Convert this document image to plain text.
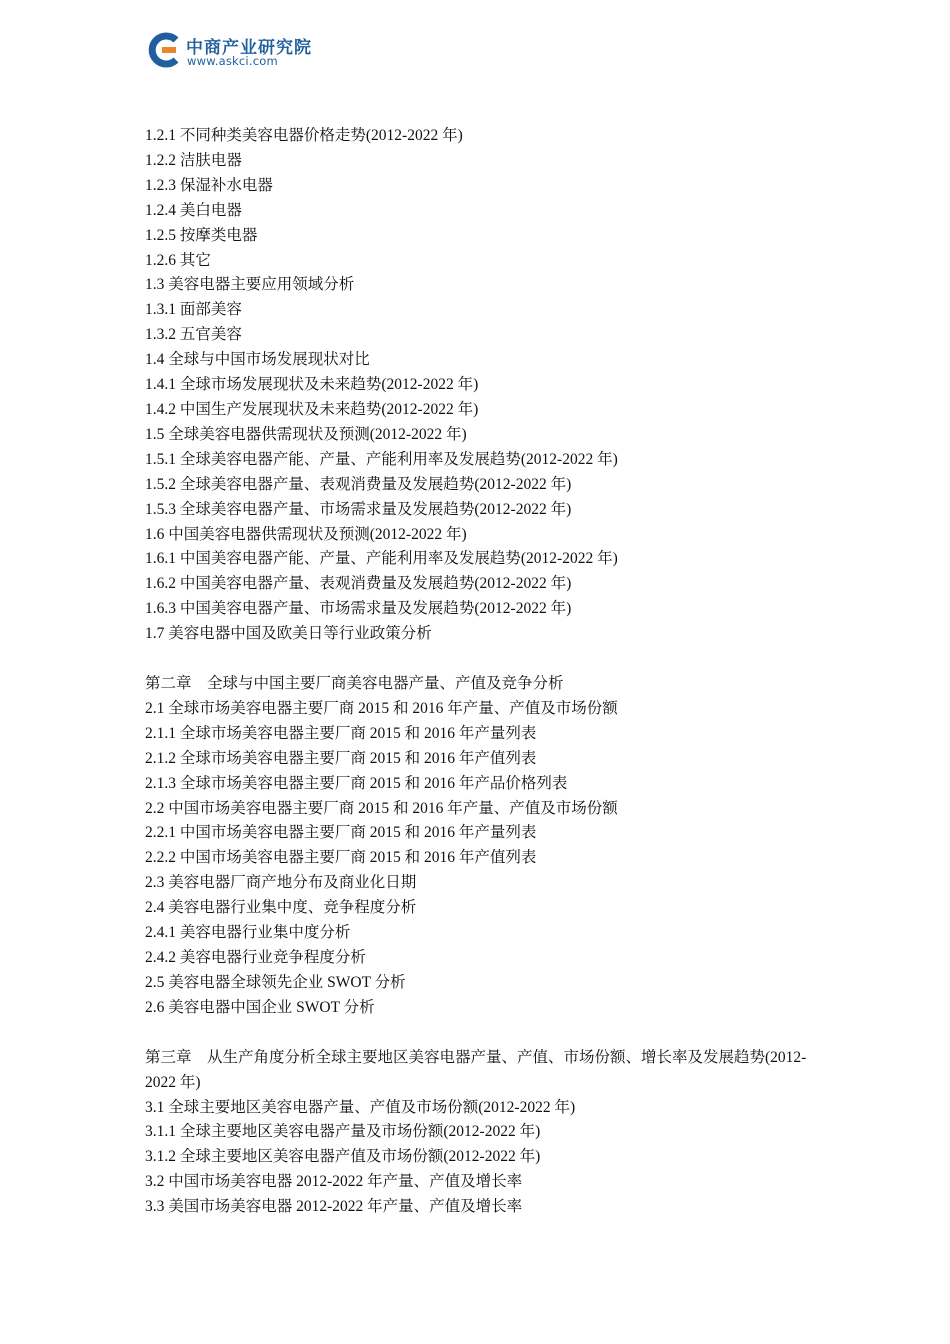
中商产业研究院
www.askci.com
1.2.1 不同种类美容电器价格走势(2012-2022 年)
1.2.2 洁肤电器
1.2.3 保湿补水电器
1.2.4 美白电器
1.2.5 按摩类电器
1.2.6 其它
1.3 美容电器主要应用领域分析
1.3.1 面部美容
1.3.2 五官美容
1.4 全球与中国市场发展现状对比
1.4.1 全球市场发展现状及未来趋势(2012-2022 年)
1.4.2 中国生产发展现状及未来趋势(2012-2022 年)
1.5 全球美容电器供需现状及预测(2012-2022 年)
1.5.1 全球美容电器产能、产量、产能利用率及发展趋势(2012-2022 年)
1.5.2 全球美容电器产量、表观消费量及发展趋势(2012-2022 年)
1.5.3 全球美容电器产量、市场需求量及发展趋势(2012-2022 年)
1.6 中国美容电器供需现状及预测(2012-2022 年)
1.6.1 中国美容电器产能、产量、产能利用率及发展趋势(2012-2022 年)
1.6.2 中国美容电器产量、表观消费量及发展趋势(2012-2022 年)
1.6.3 中国美容电器产量、市场需求量及发展趋势(2012-2022 年)
1.7 美容电器中国及欧美日等行业政策分析
第二章　全球与中国主要厂商美容电器产量、产值及竞争分析
2.1 全球市场美容电器主要厂商 2015 和 2016 年产量、产值及市场份额
2.1.1 全球市场美容电器主要厂商 2015 和 2016 年产量列表
2.1.2 全球市场美容电器主要厂商 2015 和 2016 年产值列表
2.1.3 全球市场美容电器主要厂商 2015 和 2016 年产品价格列表
2.2 中国市场美容电器主要厂商 2015 和 2016 年产量、产值及市场份额
2.2.1 中国市场美容电器主要厂商 2015 和 2016 年产量列表
2.2.2 中国市场美容电器主要厂商 2015 和 2016 年产值列表
2.3 美容电器厂商产地分布及商业化日期
2.4 美容电器行业集中度、竞争程度分析
2.4.1 美容电器行业集中度分析
2.4.2 美容电器行业竞争程度分析
2.5 美容电器全球领先企业 SWOT 分析
2.6 美容电器中国企业 SWOT 分析
第三章　从生产角度分析全球主要地区美容电器产量、产值、市场份额、增长率及发展趋势(2012-2022 年)
3.1 全球主要地区美容电器产量、产值及市场份额(2012-2022 年)
3.1.1 全球主要地区美容电器产量及市场份额(2012-2022 年)
3.1.2 全球主要地区美容电器产值及市场份额(2012-2022 年)
3.2 中国市场美容电器 2012-2022 年产量、产值及增长率
3.3 美国市场美容电器 2012-2022 年产量、产值及增长率
